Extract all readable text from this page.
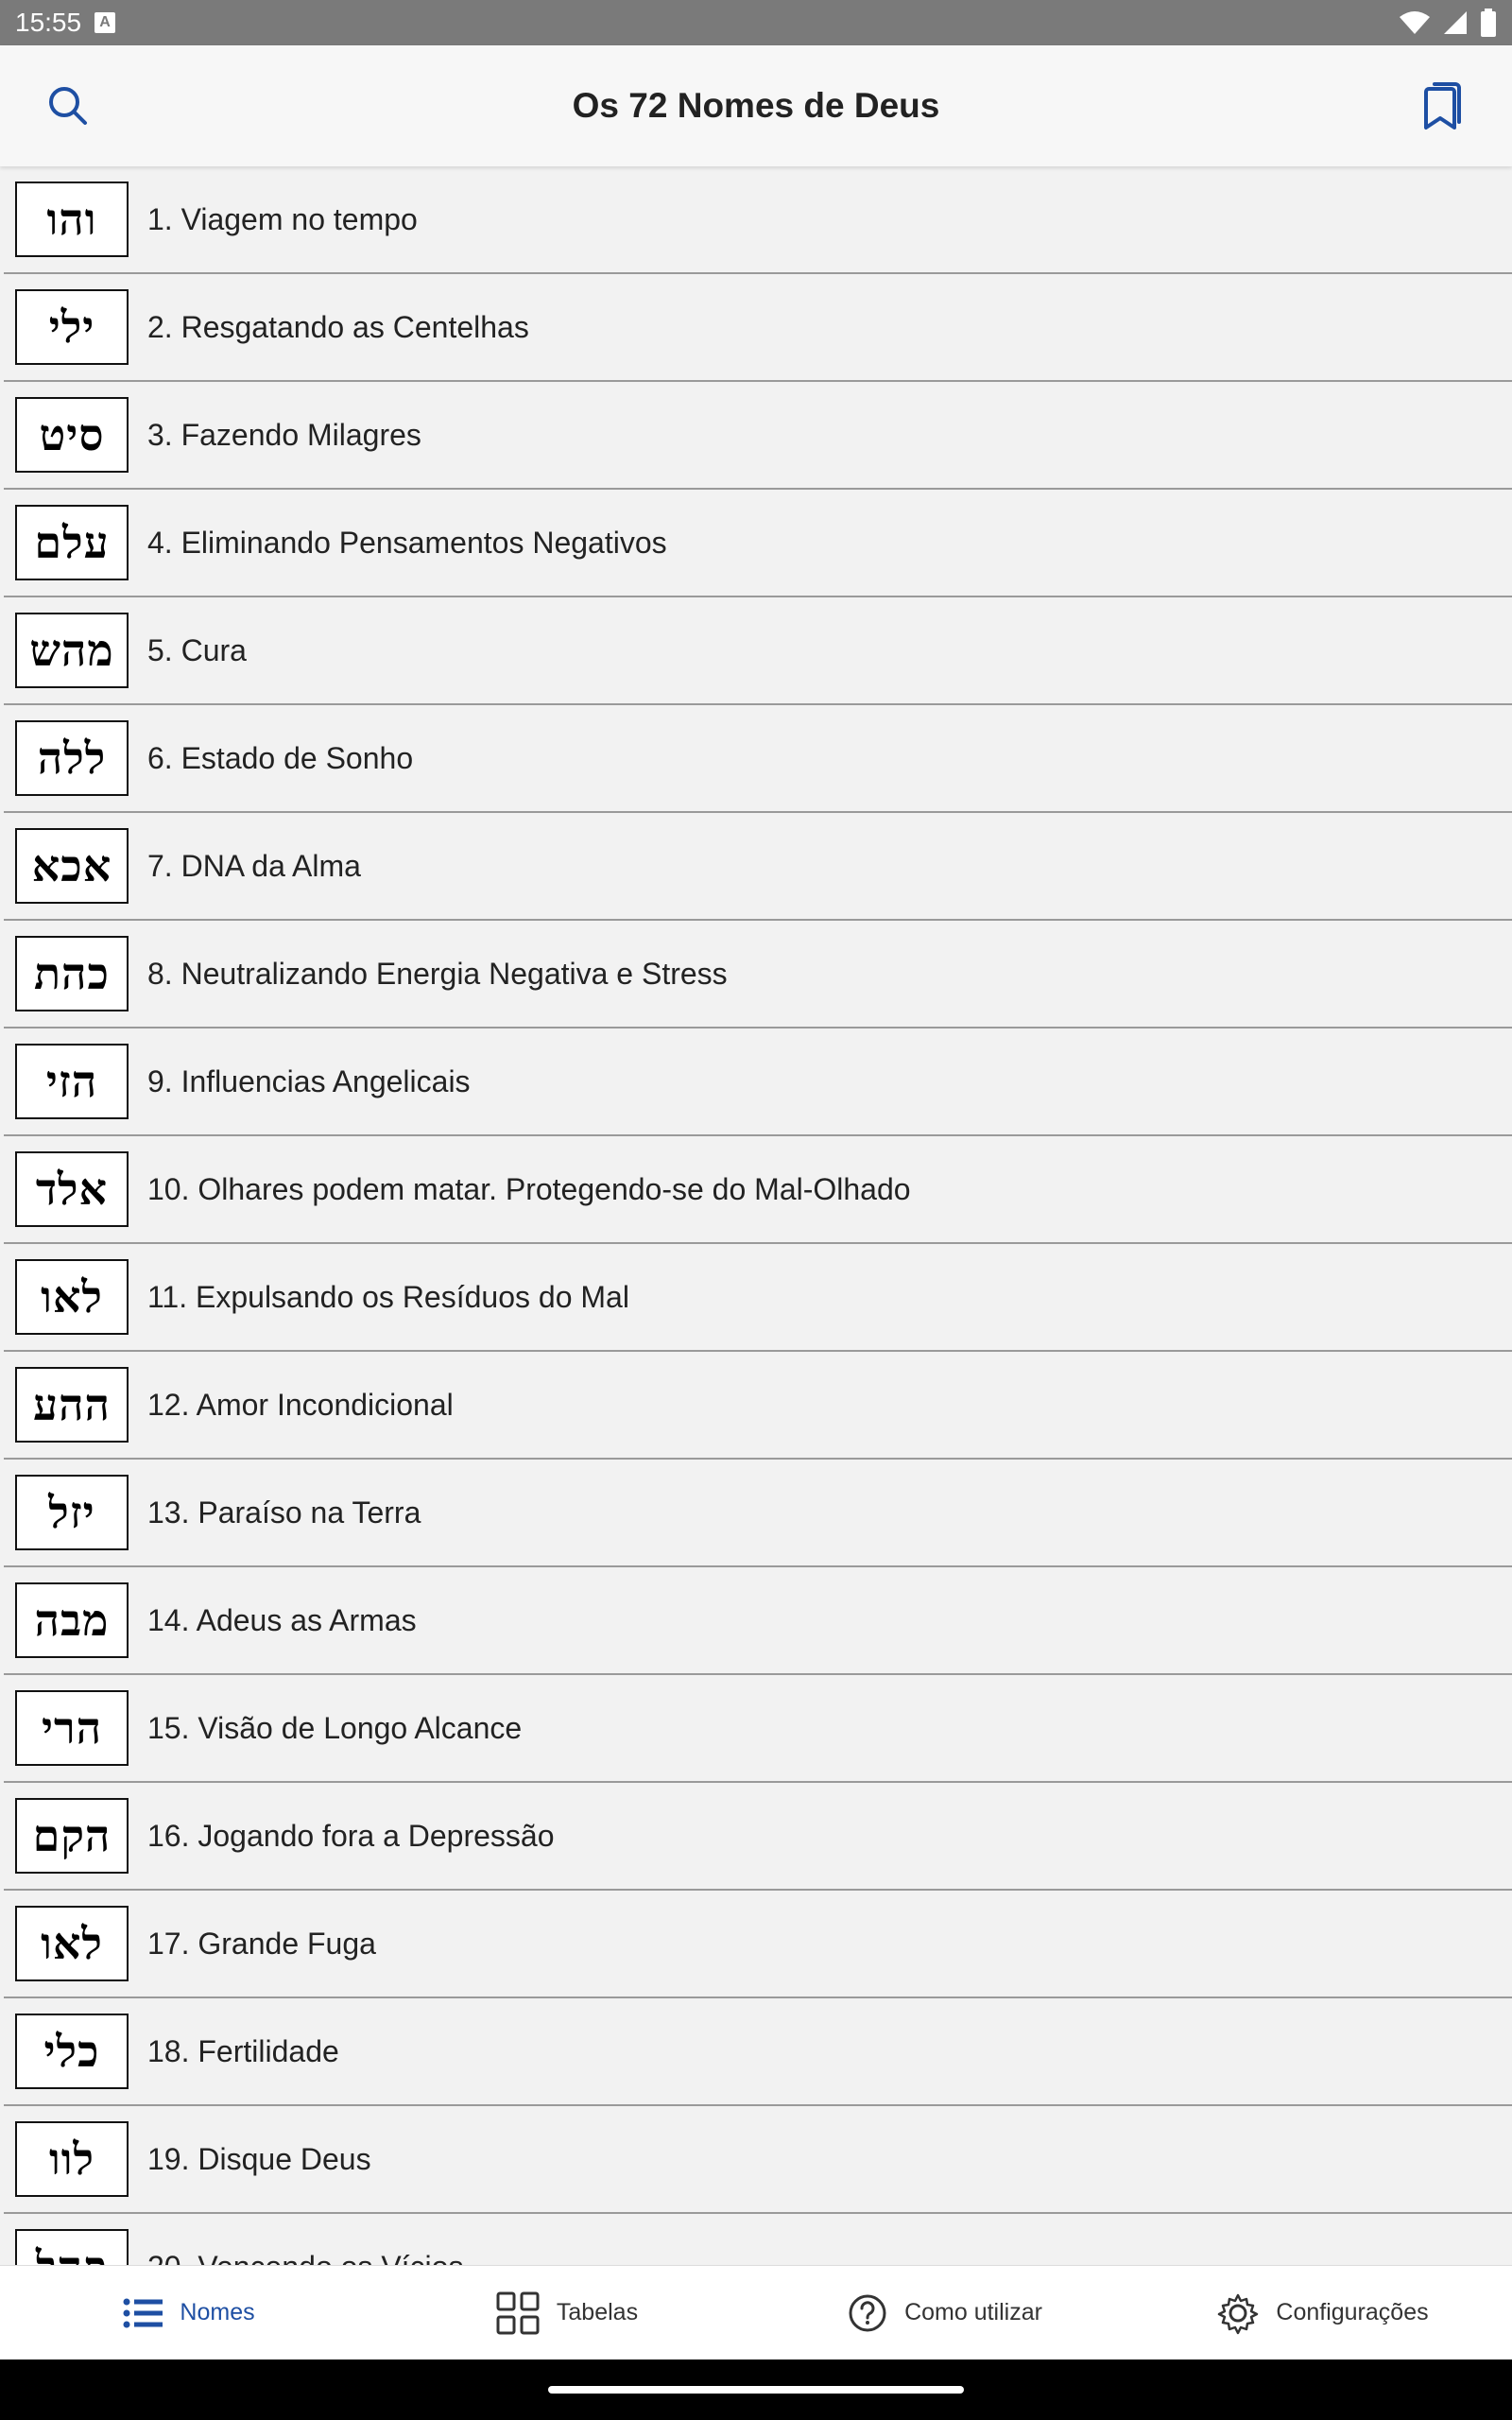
15:55	A
Os 72 Nomes de Deus
והו	1. Viagem no tempo
ילי	2. Resgatando as Centelhas
סיט	3. Fazendo Milagres
עלם	4. Eliminando Pensamentos Negativos
מהש	5. Cura
ללה	6. Estado de Sonho
אכא	7. DNA da Alma
כהת	8. Neutralizando Energia Negativa e Stress
הזי	9. Influencias Angelicais
אלד	10. Olhares podem matar. Protegendo-se do Mal-Olhado
לאו	11. Expulsando os Resíduos do Mal
ההע	12. Amor Incondicional
יזל	13. Paraíso na Terra
מבה	14. Adeus as Armas
הרי	15. Visão de Longo Alcance
הקם	16. Jogando fora a Depressão
לאו	17. Grande Fuga
כלי	18. Fertilidade
לוו	19. Disque Deus
Nomes	Tabelas	Como utilizar	Configurações
